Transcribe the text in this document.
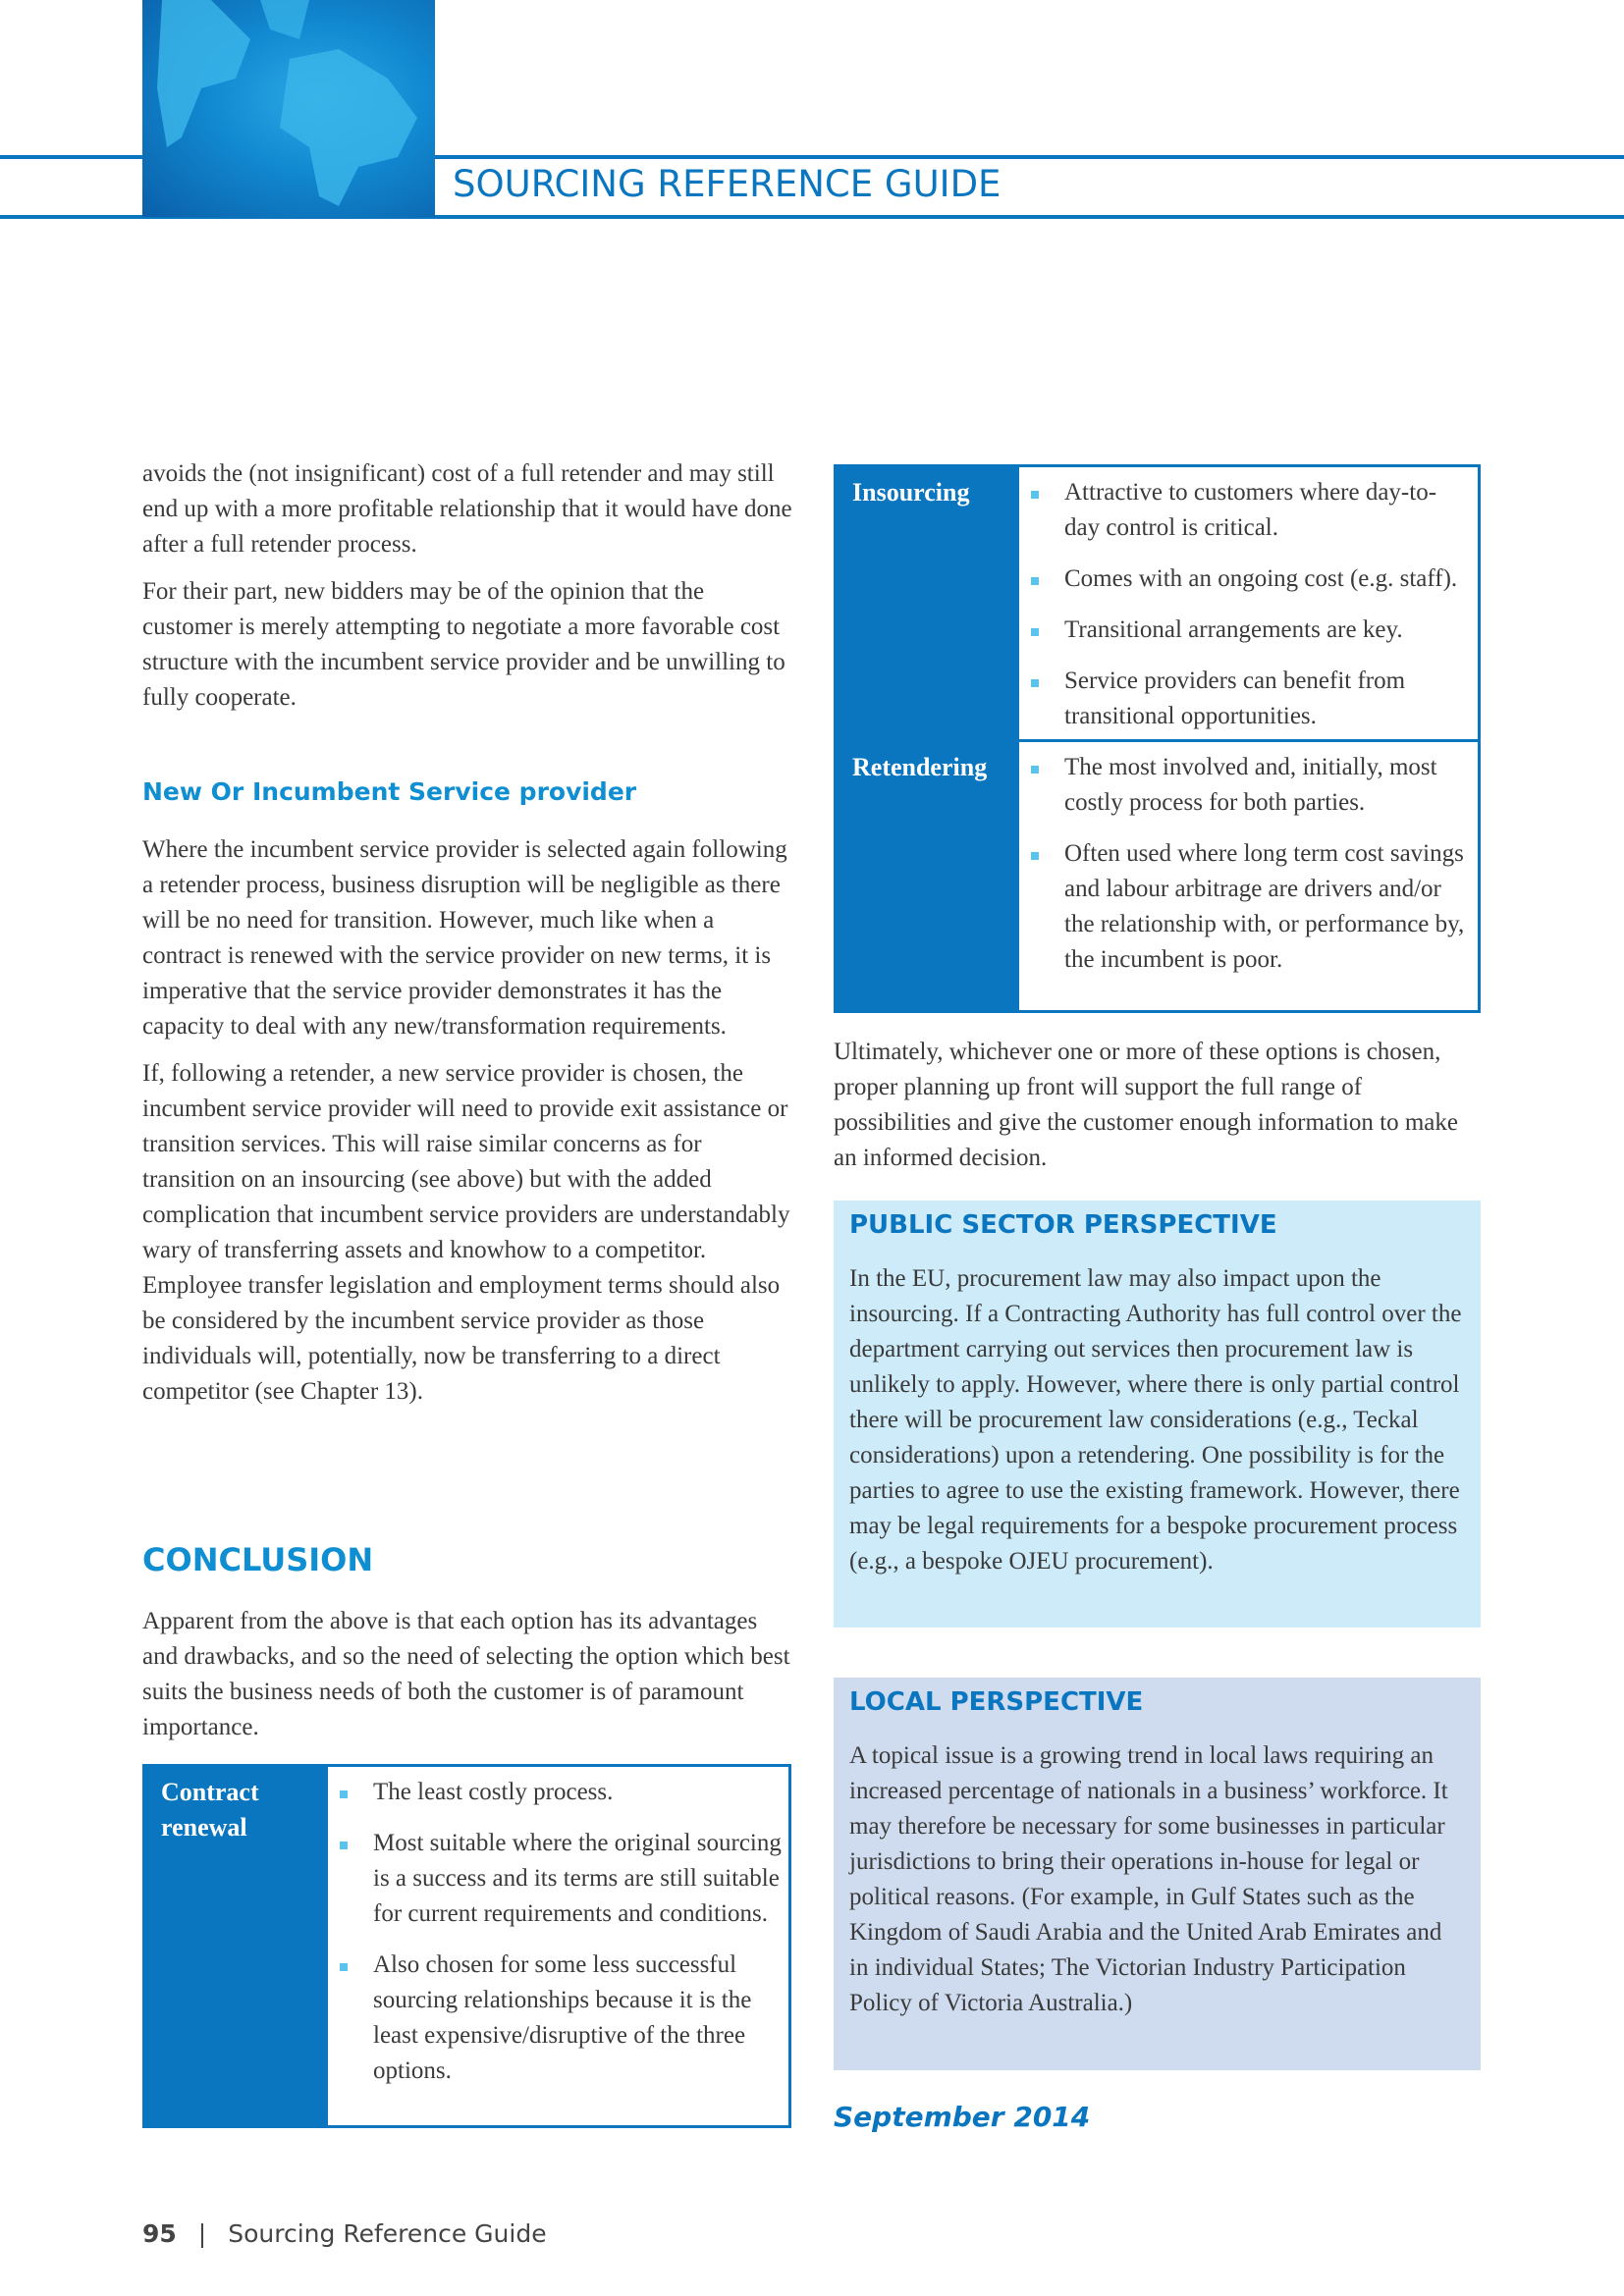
SOURCING REFERENCE GUIDE

avoids the (not insignificant) cost of a full retender and may still end up with a more profitable relationship that it would have done after a full retender process.

For their part, new bidders may be of the opinion that the customer is merely attempting to negotiate a more favorable cost structure with the incumbent service provider and be unwilling to fully cooperate.

New Or Incumbent Service provider

Where the incumbent service provider is selected again following a retender process, business disruption will be negligible as there will be no need for transition. However, much like when a contract is renewed with the service provider on new terms, it is imperative that the service provider demonstrates it has the capacity to deal with any new/transformation requirements.

If, following a retender, a new service provider is chosen, the incumbent service provider will need to provide exit assistance or transition services. This will raise similar concerns as for transition on an insourcing (see above) but with the added complication that incumbent service providers are understandably wary of transferring assets and knowhow to a competitor. Employee transfer legislation and employment terms should also be considered by the incumbent service provider as those individuals will, potentially, now be transferring to a direct competitor (see Chapter 13).

CONCLUSION

Apparent from the above is that each option has its advantages and drawbacks, and so the need of selecting the option which best suits the business needs of both the customer is of paramount importance.

Contract renewal
The least costly process.
Most suitable where the original sourcing is a success and its terms are still suitable for current requirements and conditions.
Also chosen for some less successful sourcing relationships because it is the least expensive/disruptive of the three options.
Insourcing	Attractive to customers where day-to-day control is critical.
Comes with an ongoing cost (e.g. staff).
Transitional arrangements are key.
Service providers can benefit from transitional opportunities.
Retendering	The most involved and, initially, most costly process for both parties.
Often used where long term cost savings and labour arbitrage are drivers and/or the relationship with, or performance by, the incumbent is poor.

Ultimately, whichever one or more of these options is chosen, proper planning up front will support the full range of possibilities and give the customer enough information to make an informed decision.

PUBLIC SECTOR PERSPECTIVE
In the EU, procurement law may also impact upon the insourcing. If a Contracting Authority has full control over the department carrying out services then procurement law is unlikely to apply. However, where there is only partial control there will be procurement law considerations (e.g., Teckal considerations) upon a retendering. One possibility is for the parties to agree to use the existing framework. However, there may be legal requirements for a bespoke procurement process (e.g., a bespoke OJEU procurement).
LOCAL PERSPECTIVE
A topical issue is a growing trend in local laws requiring an increased percentage of nationals in a business’ workforce. It may therefore be necessary for some businesses in particular jurisdictions to bring their operations in-house for legal or political reasons. (For example, in Gulf States such as the Kingdom of Saudi Arabia and the United Arab Emirates and in individual States; The Victorian Industry Participation Policy of Victoria Australia.)
September 2014
95 | Sourcing Reference Guide
